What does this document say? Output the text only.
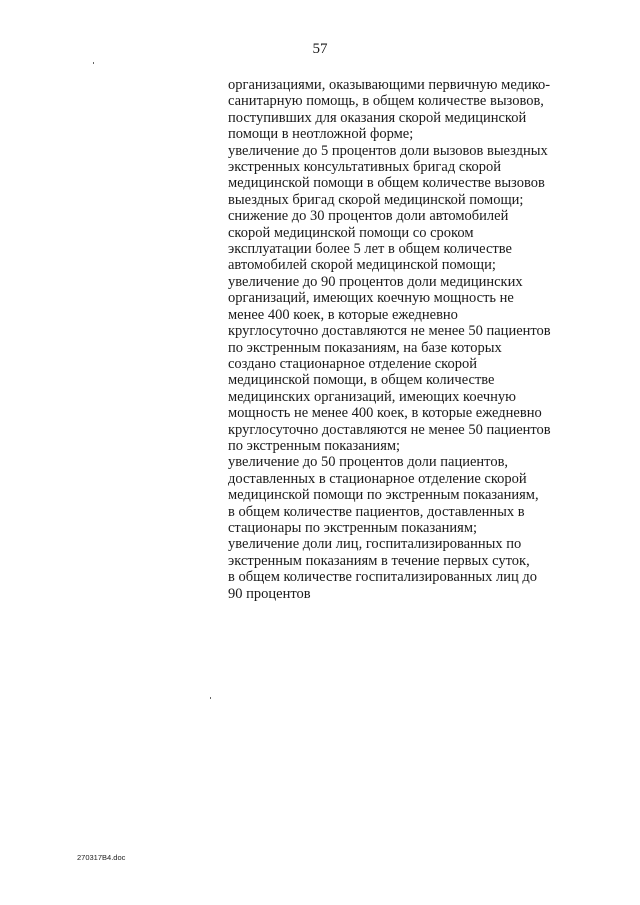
57
организациями, оказывающими первичную медико-
санитарную помощь, в общем количестве вызовов,
поступивших для оказания скорой медицинской
помощи в неотложной форме;
увеличение до 5 процентов доли вызовов выездных
экстренных консультативных бригад скорой
медицинской помощи в общем количестве вызовов
выездных бригад скорой медицинской помощи;
снижение до 30 процентов доли автомобилей
скорой медицинской помощи со сроком
эксплуатации более 5 лет в общем количестве
автомобилей скорой медицинской помощи;
увеличение до 90 процентов доли медицинских
организаций, имеющих коечную мощность не
менее 400 коек, в которые ежедневно
круглосуточно доставляются не менее 50 пациентов
по экстренным показаниям, на базе которых
создано стационарное отделение скорой
медицинской помощи, в общем количестве
медицинских организаций, имеющих коечную
мощность не менее 400 коек, в которые ежедневно
круглосуточно доставляются не менее 50 пациентов
по экстренным показаниям;
увеличение до 50 процентов доли пациентов,
доставленных в стационарное отделение скорой
медицинской помощи по экстренным показаниям,
в общем количестве пациентов, доставленных в
стационары по экстренным показаниям;
увеличение доли лиц, госпитализированных по
экстренным показаниям в течение первых суток,
в общем количестве госпитализированных лиц до
90 процентов
270317В4.doc
